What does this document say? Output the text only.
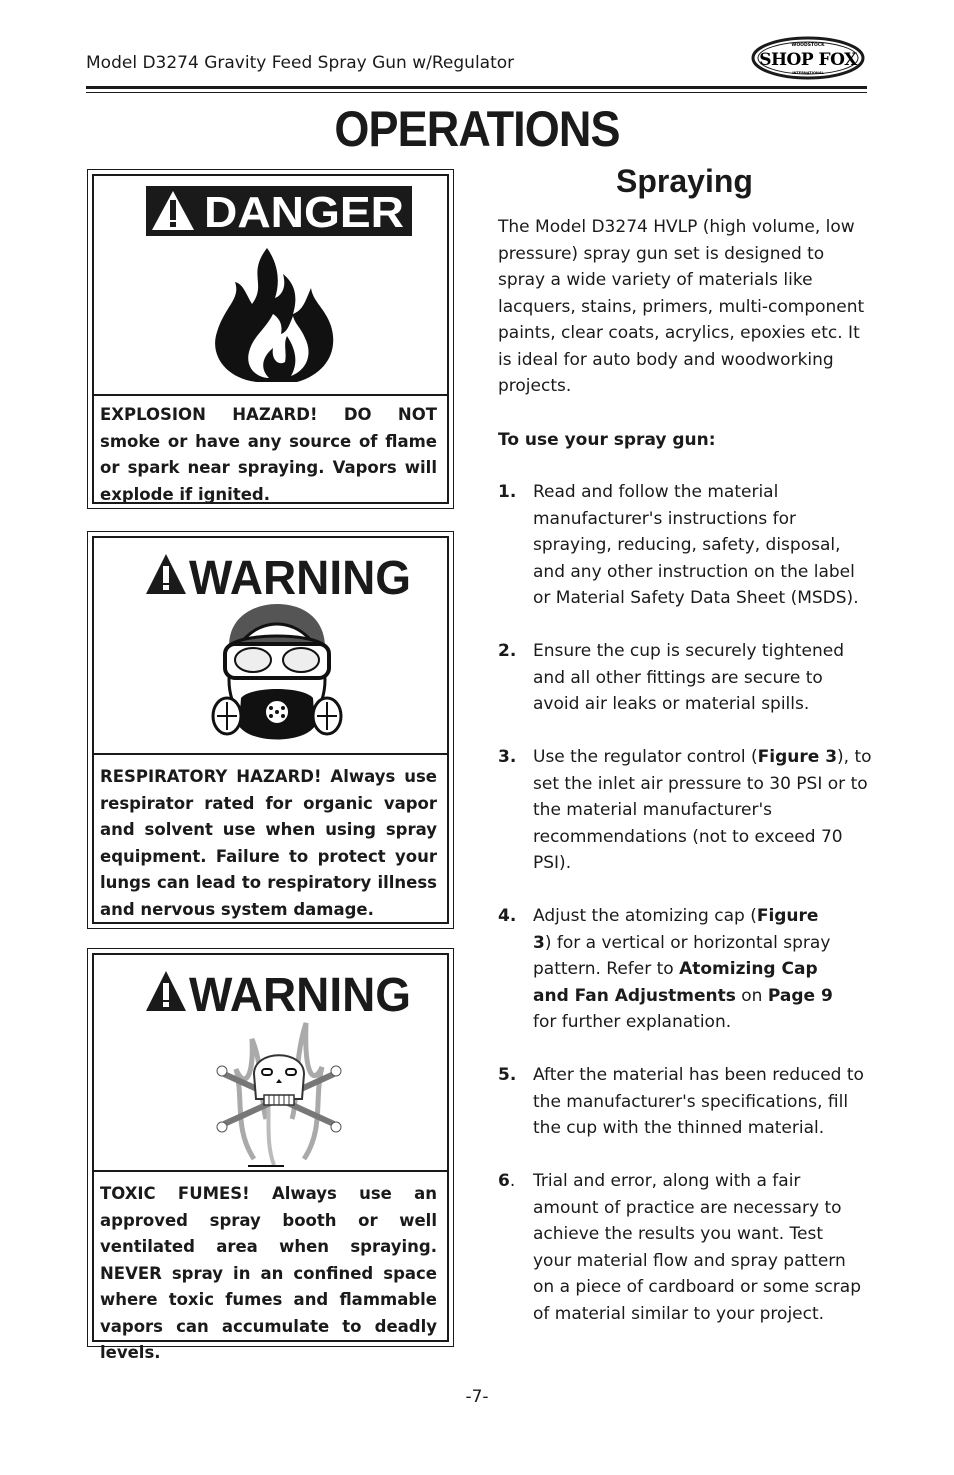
Model D3274 Gravity Feed Spray Gun w/Regulator
WOODSTOCK
SHOP FOX
INTERNATIONAL
OPERATIONS
DANGER
EXPLOSION HAZARD! DO NOT smoke or have any source of flame or spark near spraying. Vapors will explode if ignited.
WARNING
RESPIRATORY HAZARD! Always use respirator rated for organic vapor and solvent use when using spray equipment. Failure to protect your lungs can lead to respiratory illness and nervous system damage.
WARNING
TOXIC FUMES! Always use an approved spray booth or well ventilated area when spraying. NEVER spray in an confined space where toxic fumes and flammable vapors can accumulate to deadly levels.
Spraying
The Model D3274 HVLP (high volume, low pressure) spray gun set is designed to spray a wide variety of materials like lacquers, stains, primers, multi-component paints, clear coats, acrylics, epoxies etc. It is ideal for auto body and woodworking projects.
To use your spray gun:
1. Read and follow the material manufacturer's instructions for spraying, reducing, safety, disposal, and any other instruction on the label or Material Safety Data Sheet (MSDS).
2. Ensure the cup is securely tightened and all other fittings are secure to avoid air leaks or material spills.
3. Use the regulator control (Figure 3), to set the inlet air pressure to 30 PSI or to the material manufacturer's recommendations (not to exceed 70 PSI).
4. Adjust the atomizing cap (Figure 3) for a vertical or horizontal spray pattern. Refer to Atomizing Cap and Fan Adjustments on Page 9 for further explanation.
5. After the material has been reduced to the manufacturer's specifications, fill the cup with the thinned material.
6. Trial and error, along with a fair amount of practice are necessary to achieve the results you want. Test your material flow and spray pattern on a piece of cardboard or some scrap of material similar to your project.
-7-
